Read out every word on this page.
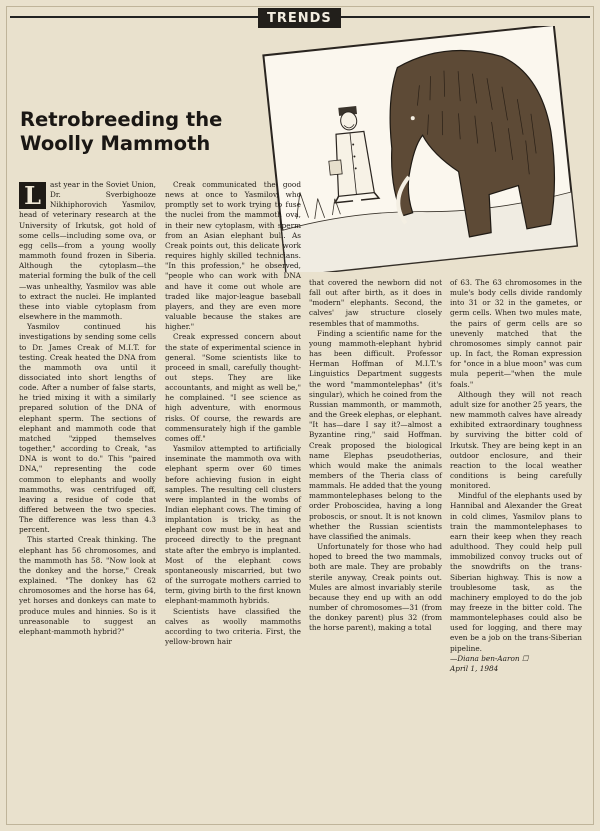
TRENDS
Retrobreeding the Woolly Mammoth
L	ast year in the Soviet Union, Dr. Sverbighooze Nikhiphorovich Yasmilov, head of veterinary research at the University of Irkutsk, got hold of some cells—including some ova, or egg cells—from a young woolly mammoth found frozen in Siberia. Although the cytoplasm—the material forming the bulk of the cell—was unhealthy, Yasmilov was able to extract the nuclei. He implanted these into viable cytoplasm from elsewhere in the mammoth.

Yasmilov continued his investigations by sending some cells to Dr. James Creak of M.I.T. for testing. Creak heated the DNA from the mammoth ova until it dissociated into short lengths of code. After a number of false starts, he tried mixing it with a similarly prepared solution of the DNA of elephant sperm. The sections of elephant and mammoth code that matched "zipped themselves together," according to Creak, "as DNA is wont to do." This "paired DNA," representing the code common to elephants and woolly mammoths, was centrifuged off, leaving a residue of code that differed between the two species. The difference was less than 4.3 percent.

This started Creak thinking. The elephant has 56 chromosomes, and the mammoth has 58. "Now look at the donkey and the horse," Creak explained. "The donkey has 62 chromosomes and the horse has 64, yet horses and donkeys can mate to produce mules and hinnies. So is it unreasonable to suggest an elephant-mammoth hybrid?"

Creak communicated the good news at once to Yasmilov, who promptly set to work trying to fuse the nuclei from the mammoth ova, in their new cytoplasm, with sperm from an Asian elephant bull. As Creak points out, this delicate work requires highly skilled technicians. "In this profession," he observed, "people who can work with DNA and have it come out whole are traded like major-league baseball players, and they are even more valuable because the stakes are higher."

Creak expressed concern about the state of experimental science in general. "Some scientists like to proceed in small, carefully thought-out steps. They are like accountants, and might as well be," he complained. "I see science as high adventure, with enormous risks. Of course, the rewards are commensurately high if the gamble comes off."

Yasmilov attempted to artificially inseminate the mammoth ova with elephant sperm over 60 times before achieving fusion in eight samples. The resulting cell clusters were implanted in the wombs of Indian elephant cows. The timing of implantation is tricky, as the elephant cow must be in heat and proceed directly to the pregnant state after the embryo is implanted. Most of the elephant cows spontaneously miscarried, but two of the surrogate mothers carried to term, giving birth to the first known elephant-mammoth hybrids.

Scientists have classified the calves as woolly mammoths according to two criteria. First, the yellow-brown hair

that covered the newborn did not fall out after birth, as it does in "modern" elephants. Second, the calves' jaw structure closely resembles that of mammoths.

Finding a scientific name for the young mammoth-elephant hybrid has been difficult. Professor Herman Hoffman of M.I.T.'s Linguistics Department suggests the word "mammontelephas" (it's singular), which he coined from the Russian mammonth, or mammoth, and the Greek elephas, or elephant. "It has—dare I say it?—almost a Byzantine ring," said Hoffman. Creak proposed the biological name Elephas pseudotherias, which would make the animals members of the Theria class of mammals. He added that the young mammontelephases belong to the order Proboscidea, having a long proboscis, or snout. It is not known whether the Russian scientists have classified the animals.

Unfortunately for those who had hoped to breed the two mammals, both are male. They are probably sterile anyway, Creak points out. Mules are almost invariably sterile because they end up with an odd number of chromosomes—31 (from the donkey parent) plus 32 (from the horse parent), making a total

of 63. The 63 chromosomes in the mule's body cells divide randomly into 31 or 32 in the gametes, or germ cells. When two mules mate, the pairs of germ cells are so unevenly matched that the chromosomes simply cannot pair up. In fact, the Roman expression for "once in a blue moon" was cum mula peperit—"when the mule foals."

Although they will not reach adult size for another 25 years, the new mammoth calves have already exhibited extraordinary toughness by surviving the bitter cold of Irkutsk. They are being kept in an outdoor enclosure, and their reaction to the local weather conditions is being carefully monitored.

Mindful of the elephants used by Hannibal and Alexander the Great in cold climes, Yasmilov plans to train the mammontelephases to earn their keep when they reach adulthood. They could help pull immobilized convoy trucks out of the snowdrifts on the trans-Siberian highway. This is now a troublesome task, as the machinery employed to do the job may freeze in the bitter cold. The mammontelephases could also be used for logging, and there may even be a job on the trans-Siberian pipeline.

—Diana ben-Aaron ☐
April 1, 1984
